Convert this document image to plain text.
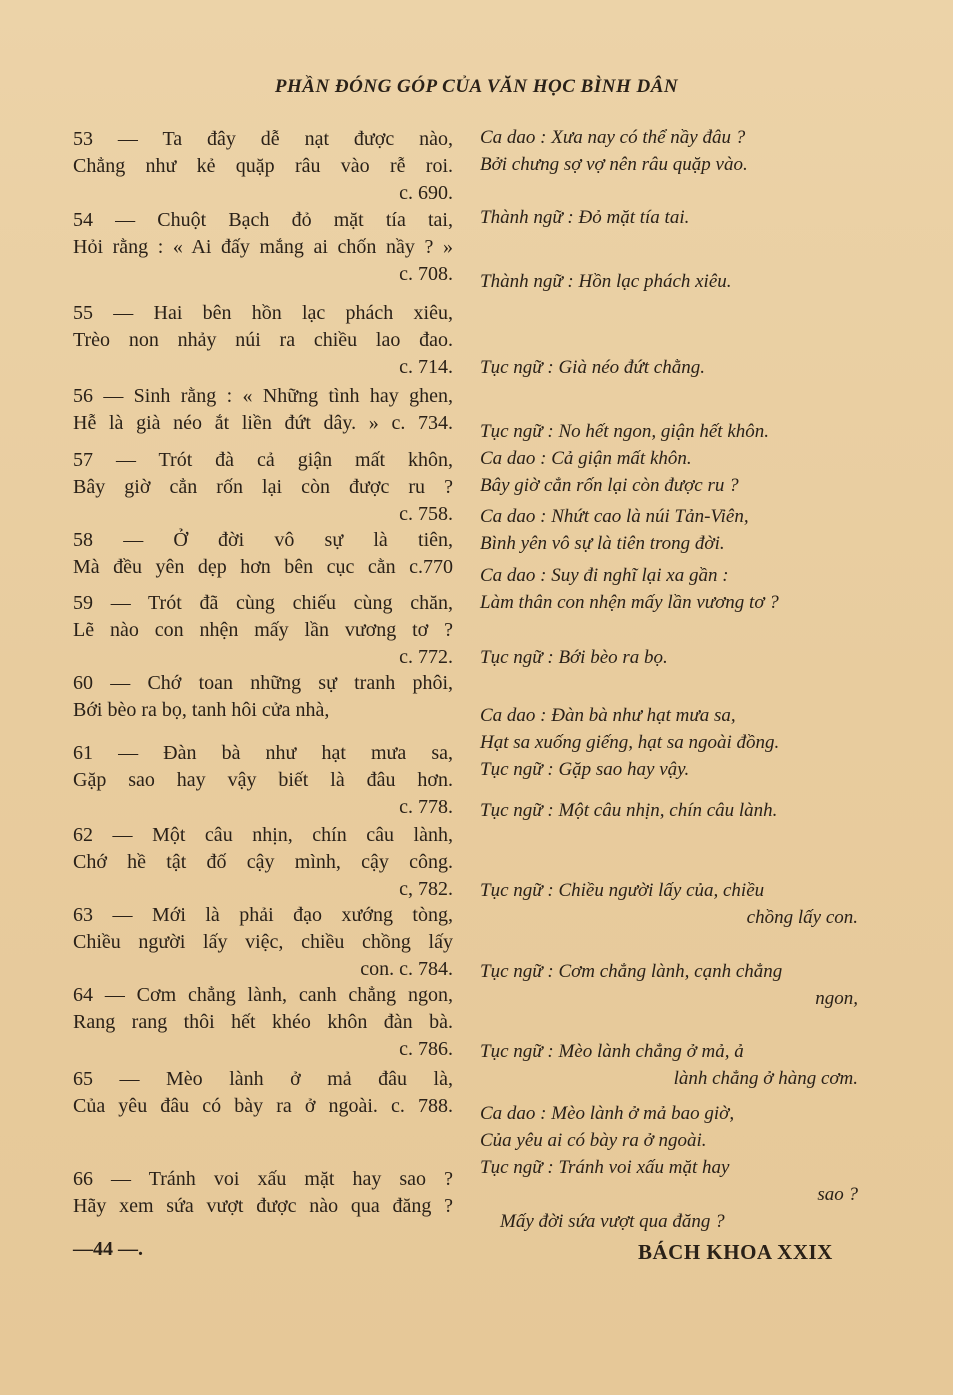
PHẦN ĐÓNG GÓP CỦA VĂN HỌC BÌNH DÂN
53 — Ta đây dễ nạt được nào,
Chẳng như kẻ quặp râu vào rễ roi.
c. 690.
54 — Chuột Bạch đỏ mặt tía tai,
Hỏi rằng : « Ai đấy mắng ai chốn nầy ? »
c. 708.
55 — Hai bên hồn lạc phách xiêu,
Trèo non nhảy núi ra chiều lao đao.
c. 714.
56 — Sinh rằng : « Những tình hay ghen,
Hễ là già néo ắt liền đứt dây. » c. 734.
57 — Trót đà cả giận mất khôn,
Bây giờ cẳn rốn lại còn được ru ?
c. 758.
58 — Ở đời vô sự là tiên,
Mà đều yên dẹp hơn bên cục cằn c.770
59 — Trót đã cùng chiếu cùng chăn,
Lẽ nào con nhện mấy lần vương tơ ?
c. 772.
60 — Chớ toan những sự tranh phôi,
Bới bèo ra bọ, tanh hôi cửa nhà,
61 — Đàn bà như hạt mưa sa,
Gặp sao hay vậy biết là đâu hơn.
c. 778.
62 — Một câu nhịn, chín câu lành,
Chớ hề tật đố cậy mình, cậy công.
c, 782.
63 — Mới là phải đạo xướng tòng,
Chiều người lấy việc, chiều chồng lấy
con. c. 784.
64 — Cơm chẳng lành, canh chẳng ngon,
Rang rang thôi hết khéo khôn đàn bà.
c. 786.
65 — Mèo lành ở mả đâu là,
Của yêu đâu có bày ra ở ngoài. c. 788.
66 — Tránh voi xấu mặt hay sao ?
Hãy xem sứa vượt được nào qua đăng ?
Ca dao : Xưa nay có thể nầy đâu ?
Bởi chưng sợ vợ nên râu quặp vào.
Thành ngữ : Đỏ mặt tía tai.
Thành ngữ : Hồn lạc phách xiêu.
Tục ngữ : Già néo đứt chằng.
Tục ngữ : No hết ngon, giận hết khôn.
Ca dao : Cả giận mất khôn.
Bây giờ cẳn rốn lại còn được ru ?
Ca dao : Nhứt cao là núi Tản-Viên,
Bình yên vô sự là tiên trong đời.
Ca dao : Suy đi nghĩ lại xa gần :
Làm thân con nhện mấy lần vương tơ ?
Tục ngữ : Bới bèo ra bọ.
Ca dao : Đàn bà như hạt mưa sa,
Hạt sa xuống giếng, hạt sa ngoài đồng.
Tục ngữ : Gặp sao hay vậy.
Tục ngữ : Một câu nhịn, chín câu lành.
Tục ngữ : Chiều người lấy của, chiều
chồng lấy con.
Tục ngữ : Cơm chẳng lành, cạnh chẳng
ngon,
Tục ngữ : Mèo lành chẳng ở mả, ả
lành chẳng ở hàng cơm.
Ca dao : Mèo lành ở mả bao giờ,
Của yêu ai có bày ra ở ngoài.
Tục ngữ : Tránh voi xấu mặt hay
sao ?
Mấy đời sứa vượt qua đăng ?
—44 —.	BÁCH KHOA XXIX
